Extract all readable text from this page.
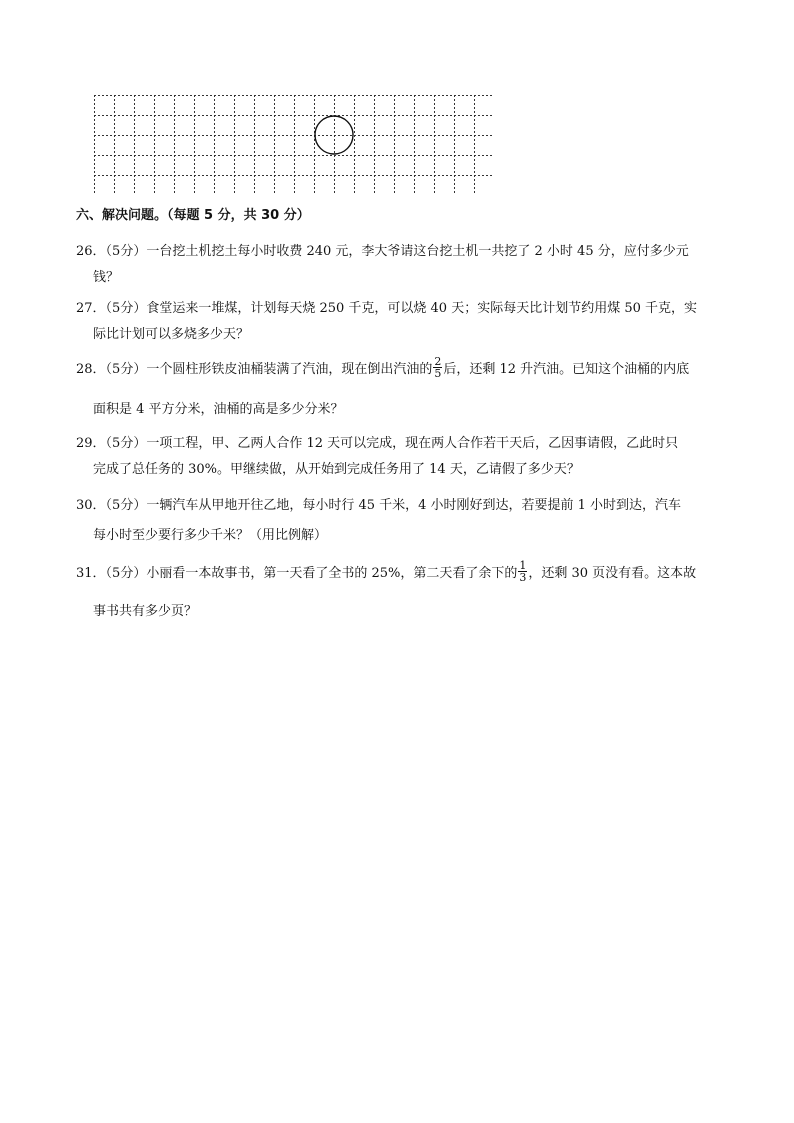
六、解决问题。（每题 5 分，共 30 分）
26．（5分）一台挖土机挖土每小时收费 240 元，李大爷请这台挖土机一共挖了 2 小时 45 分，应付多少元
钱？
27．（5分）食堂运来一堆煤，计划每天烧 250 千克，可以烧 40 天；实际每天比计划节约用煤 50 千克，实
际比计划可以多烧多少天？
28．（5分）一个圆柱形铁皮油桶装满了汽油，现在倒出汽油的 $\frac{2}{5}$ 后，还剩 12 升汽油。已知这个油桶的内底
面积是 4 平方分米，油桶的高是多少分米？
29．（5分）一项工程，甲、乙两人合作 12 天可以完成，现在两人合作若干天后，乙因事请假，乙此时只
完成了总任务的 30%。甲继续做，从开始到完成任务用了 14 天，乙请假了多少天？
30．（5分）一辆汽车从甲地开往乙地，每小时行 45 千米，4 小时刚好到达，若要提前 1 小时到达，汽车
每小时至少要行多少千米？（用比例解）
31．（5分）小丽看一本故事书，第一天看了全书的 25%，第二天看了余下的 $\frac{1}{3}$ ，还剩 30 页没有看。这本故
事书共有多少页？
